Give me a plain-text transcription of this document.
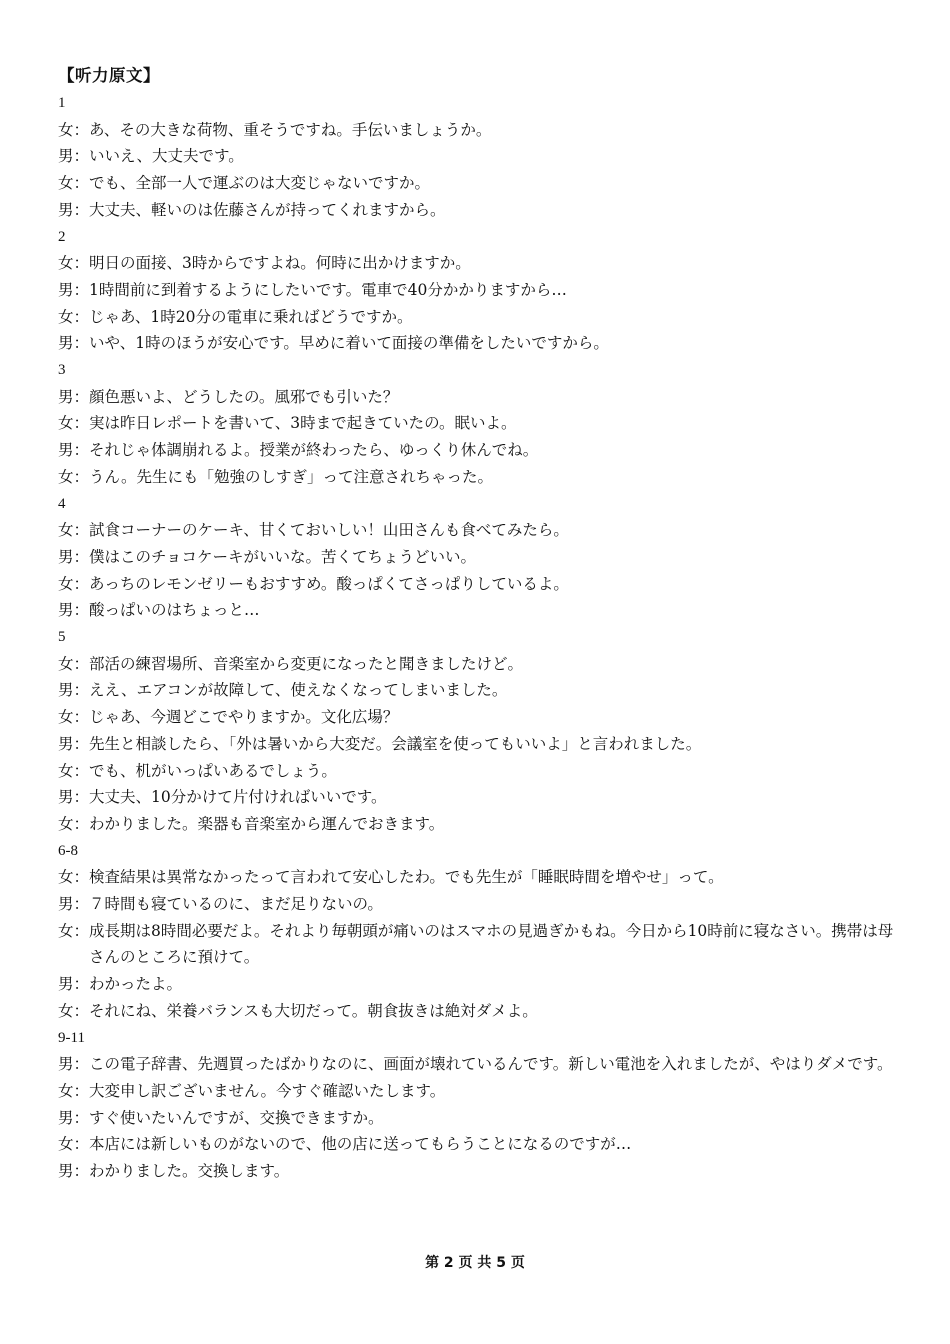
【听力原文】
1
女： あ、その大きな荷物、重そうですね。手伝いましょうか。
男： いいえ、大丈夫です。
女： でも、全部一人で運ぶのは大変じゃないですか。
男： 大丈夫、軽いのは佐藤さんが持ってくれますから。
2
女： 明日の面接、3時からですよね。何時に出かけますか。
男： 1時間前に到着するようにしたいです。電車で40分かかりますから…
女： じゃあ、1時20分の電車に乗ればどうですか。
男： いや、1時のほうが安心です。早めに着いて面接の準備をしたいですから。
3
男： 顔色悪いよ、どうしたの。風邪でも引いた？
女： 実は昨日レポートを書いて、3時まで起きていたの。眠いよ。
男： それじゃ体調崩れるよ。授業が終わったら、ゆっくり休んでね。
女： うん。先生にも「勉強のしすぎ」って注意されちゃった。
4
女： 試食コーナーのケーキ、甘くておいしい！山田さんも食べてみたら。
男： 僕はこのチョコケーキがいいな。苦くてちょうどいい。
女： あっちのレモンゼリーもおすすめ。酸っぱくてさっぱりしているよ。
男： 酸っぱいのはちょっと…
5
女： 部活の練習場所、音楽室から変更になったと聞きましたけど。
男： ええ、エアコンが故障して、使えなくなってしまいました。
女： じゃあ、今週どこでやりますか。文化広場？
男： 先生と相談したら、「外は暑いから大変だ。会議室を使ってもいいよ」と言われました。
女： でも、机がいっぱいあるでしょう。
男： 大丈夫、10分かけて片付ければいいです。
女： わかりました。楽器も音楽室から運んでおきます。
6-8
女： 検査結果は異常なかったって言われて安心したわ。でも先生が「睡眠時間を増やせ」って。
男： ７時間も寝ているのに、まだ足りないの。
女： 成長期は8時間必要だよ。それより毎朝頭が痛いのはスマホの見過ぎかもね。今日から10時前に寝なさい。携帯は母さんのところに預けて。
男： わかったよ。
女： それにね、栄養バランスも大切だって。朝食抜きは絶対ダメよ。
9-11
男： この電子辞書、先週買ったばかりなのに、画面が壊れているんです。新しい電池を入れましたが、やはりダメです。
女： 大変申し訳ございません。今すぐ確認いたします。
男： すぐ使いたいんですが、交換できますか。
女： 本店には新しいものがないので、他の店に送ってもらうことになるのですが…
男： わかりました。交換します。
第 2 页 共 5 页
